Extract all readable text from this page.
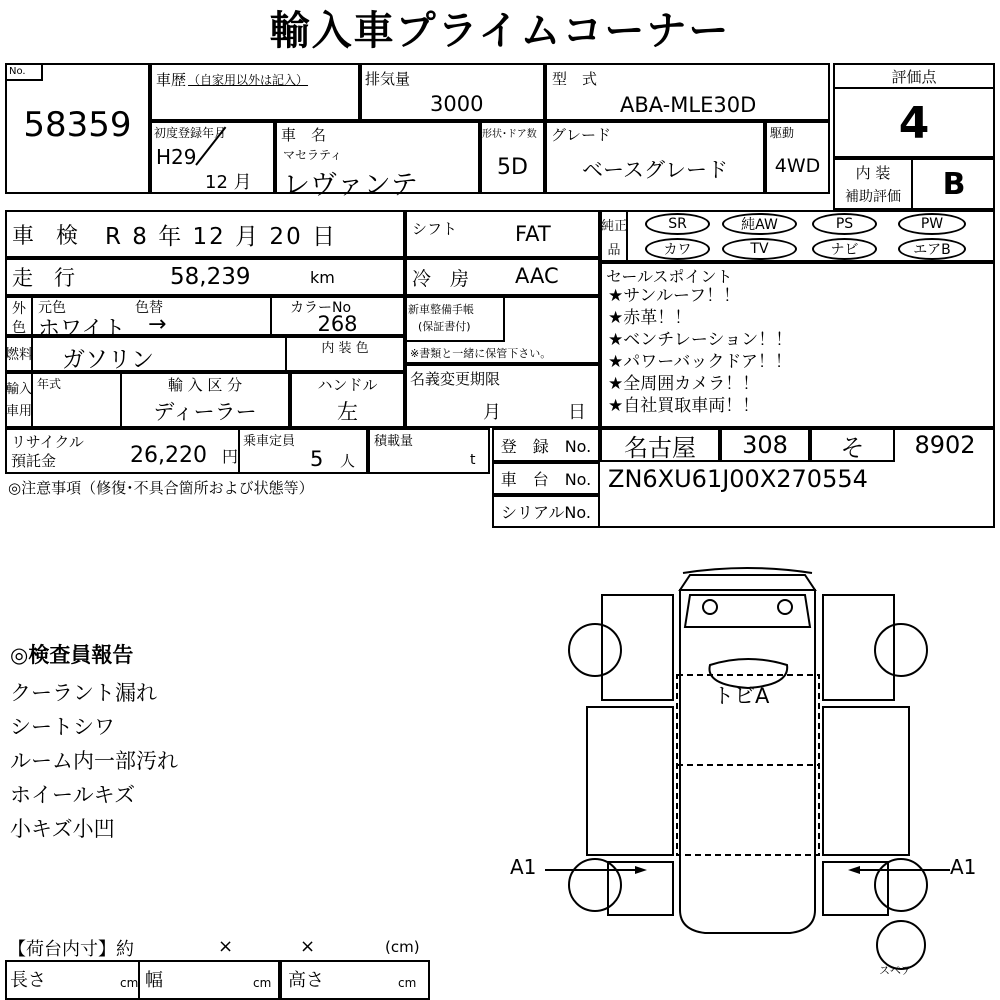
輸入車プライムコーナー
No.
58359
車歴 （自家用以外は記入）	排気量
3000
型　式
ABA-MLE30D
初度登録年月
H29
12 月
車　名
マセラティ
レヴァンテ
形状･ドア数
5D
グレード
ベースグレード
駆動
4WD
評価点
4
内 装
補助評価	B
車　検 R 8 年 12 月 20 日
走　行	58,239	km
外
色
元色	色替
ホワイト →
カラーNo
268
燃料 ガソリン	内 装 色
輸入
車用
年式	輸 入 区 分
ディーラー
ハンドル
左
シフト	FAT
冷　房 AAC
新車整備手帳
(保証書付)
※書類と一緒に保管下さい。
名義変更期限
月	日
純正
品
SR	純AW	PS	PW
カワ	TV	ナビ	エアB
セールスポイント
★サンルーフ！！
★赤革！！
★ベンチレーション！！
★パワーバックドア！！
★全周囲カメラ！！
★自社買取車両！！
リサイクル
預託金	26,220 円
乗車定員
5 人
積載量
t
◎注意事項（修復･不具合箇所および状態等）
登　録　No.	名古屋	308	そ	8902
車　台　No. ZN6XU61J00X270554
シリアルNo.
◎検査員報告
クーラント漏れ
シートシワ
ルーム内一部汚れ
ホイールキズ
小キズ小凹
A1	A1
トビA
スペア
【荷台内寸】約	×	×	(cm)
長さ	cm 幅	cm 高さ	cm
